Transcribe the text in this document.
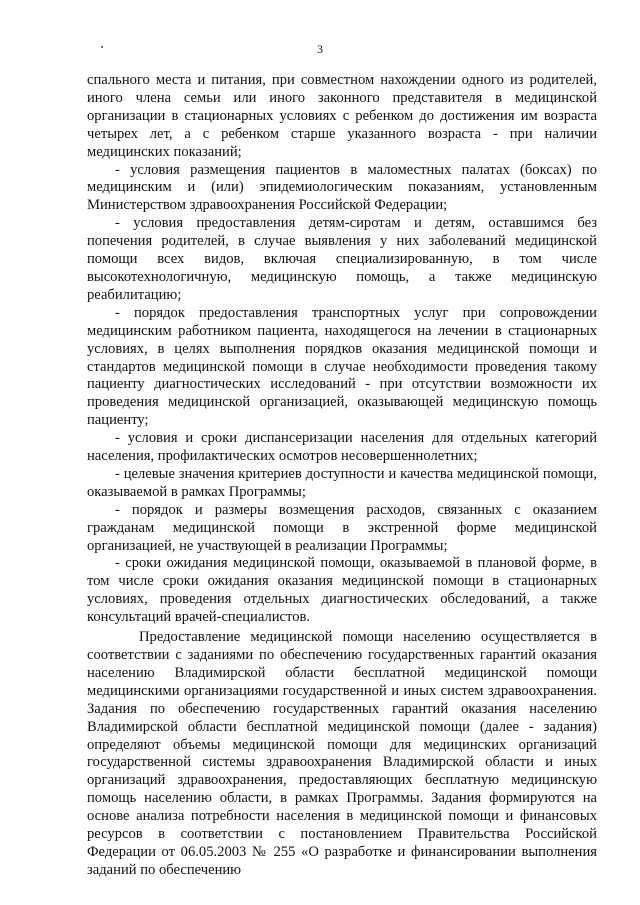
3

спального места и питания, при совместном нахождении одного из родителей, иного члена семьи или иного законного представителя в медицинской организации в стационарных условиях с ребенком до достижения им возраста четырех лет, а с ребенком старше указанного возраста - при наличии медицинских показаний;

- условия размещения пациентов в маломестных палатах (боксах) по медицинским и (или) эпидемиологическим показаниям, установленным Министерством здравоохранения Российской Федерации;

- условия предоставления детям-сиротам и детям, оставшимся без попечения родителей, в случае выявления у них заболеваний медицинской помощи всех видов, включая специализированную, в том числе высокотехнологичную, медицинскую помощь, а также медицинскую реабилитацию;

- порядок предоставления транспортных услуг при сопровождении медицинским работником пациента, находящегося на лечении в стационарных условиях, в целях выполнения порядков оказания медицинской помощи и стандартов медицинской помощи в случае необходимости проведения такому пациенту диагностических исследований - при отсутствии возможности их проведения медицинской организацией, оказывающей медицинскую помощь пациенту;

- условия и сроки диспансеризации населения для отдельных категорий населения, профилактических осмотров несовершеннолетних;

- целевые значения критериев доступности и качества медицинской помощи, оказываемой в рамках Программы;

- порядок и размеры возмещения расходов, связанных с оказанием гражданам медицинской помощи в экстренной форме медицинской организацией, не участвующей в реализации Программы;

- сроки ожидания медицинской помощи, оказываемой в плановой форме, в том числе сроки ожидания оказания медицинской помощи в стационарных условиях, проведения отдельных диагностических обследований, а также консультаций врачей-специалистов.

Предоставление медицинской помощи населению осуществляется в соответствии с заданиями по обеспечению государственных гарантий оказания населению Владимирской области бесплатной медицинской помощи медицинскими организациями государственной и иных систем здравоохранения. Задания по обеспечению государственных гарантий оказания населению Владимирской области бесплатной медицинской помощи (далее - задания) определяют объемы медицинской помощи для медицинских организаций государственной системы здравоохранения Владимирской области и иных организаций здравоохранения, предоставляющих бесплатную медицинскую помощь населению области, в рамках Программы. Задания формируются на основе анализа потребности населения в медицинской помощи и финансовых ресурсов в соответствии с постановлением Правительства Российской Федерации от 06.05.2003 № 255 «О разработке и финансировании выполнения заданий по обеспечению
